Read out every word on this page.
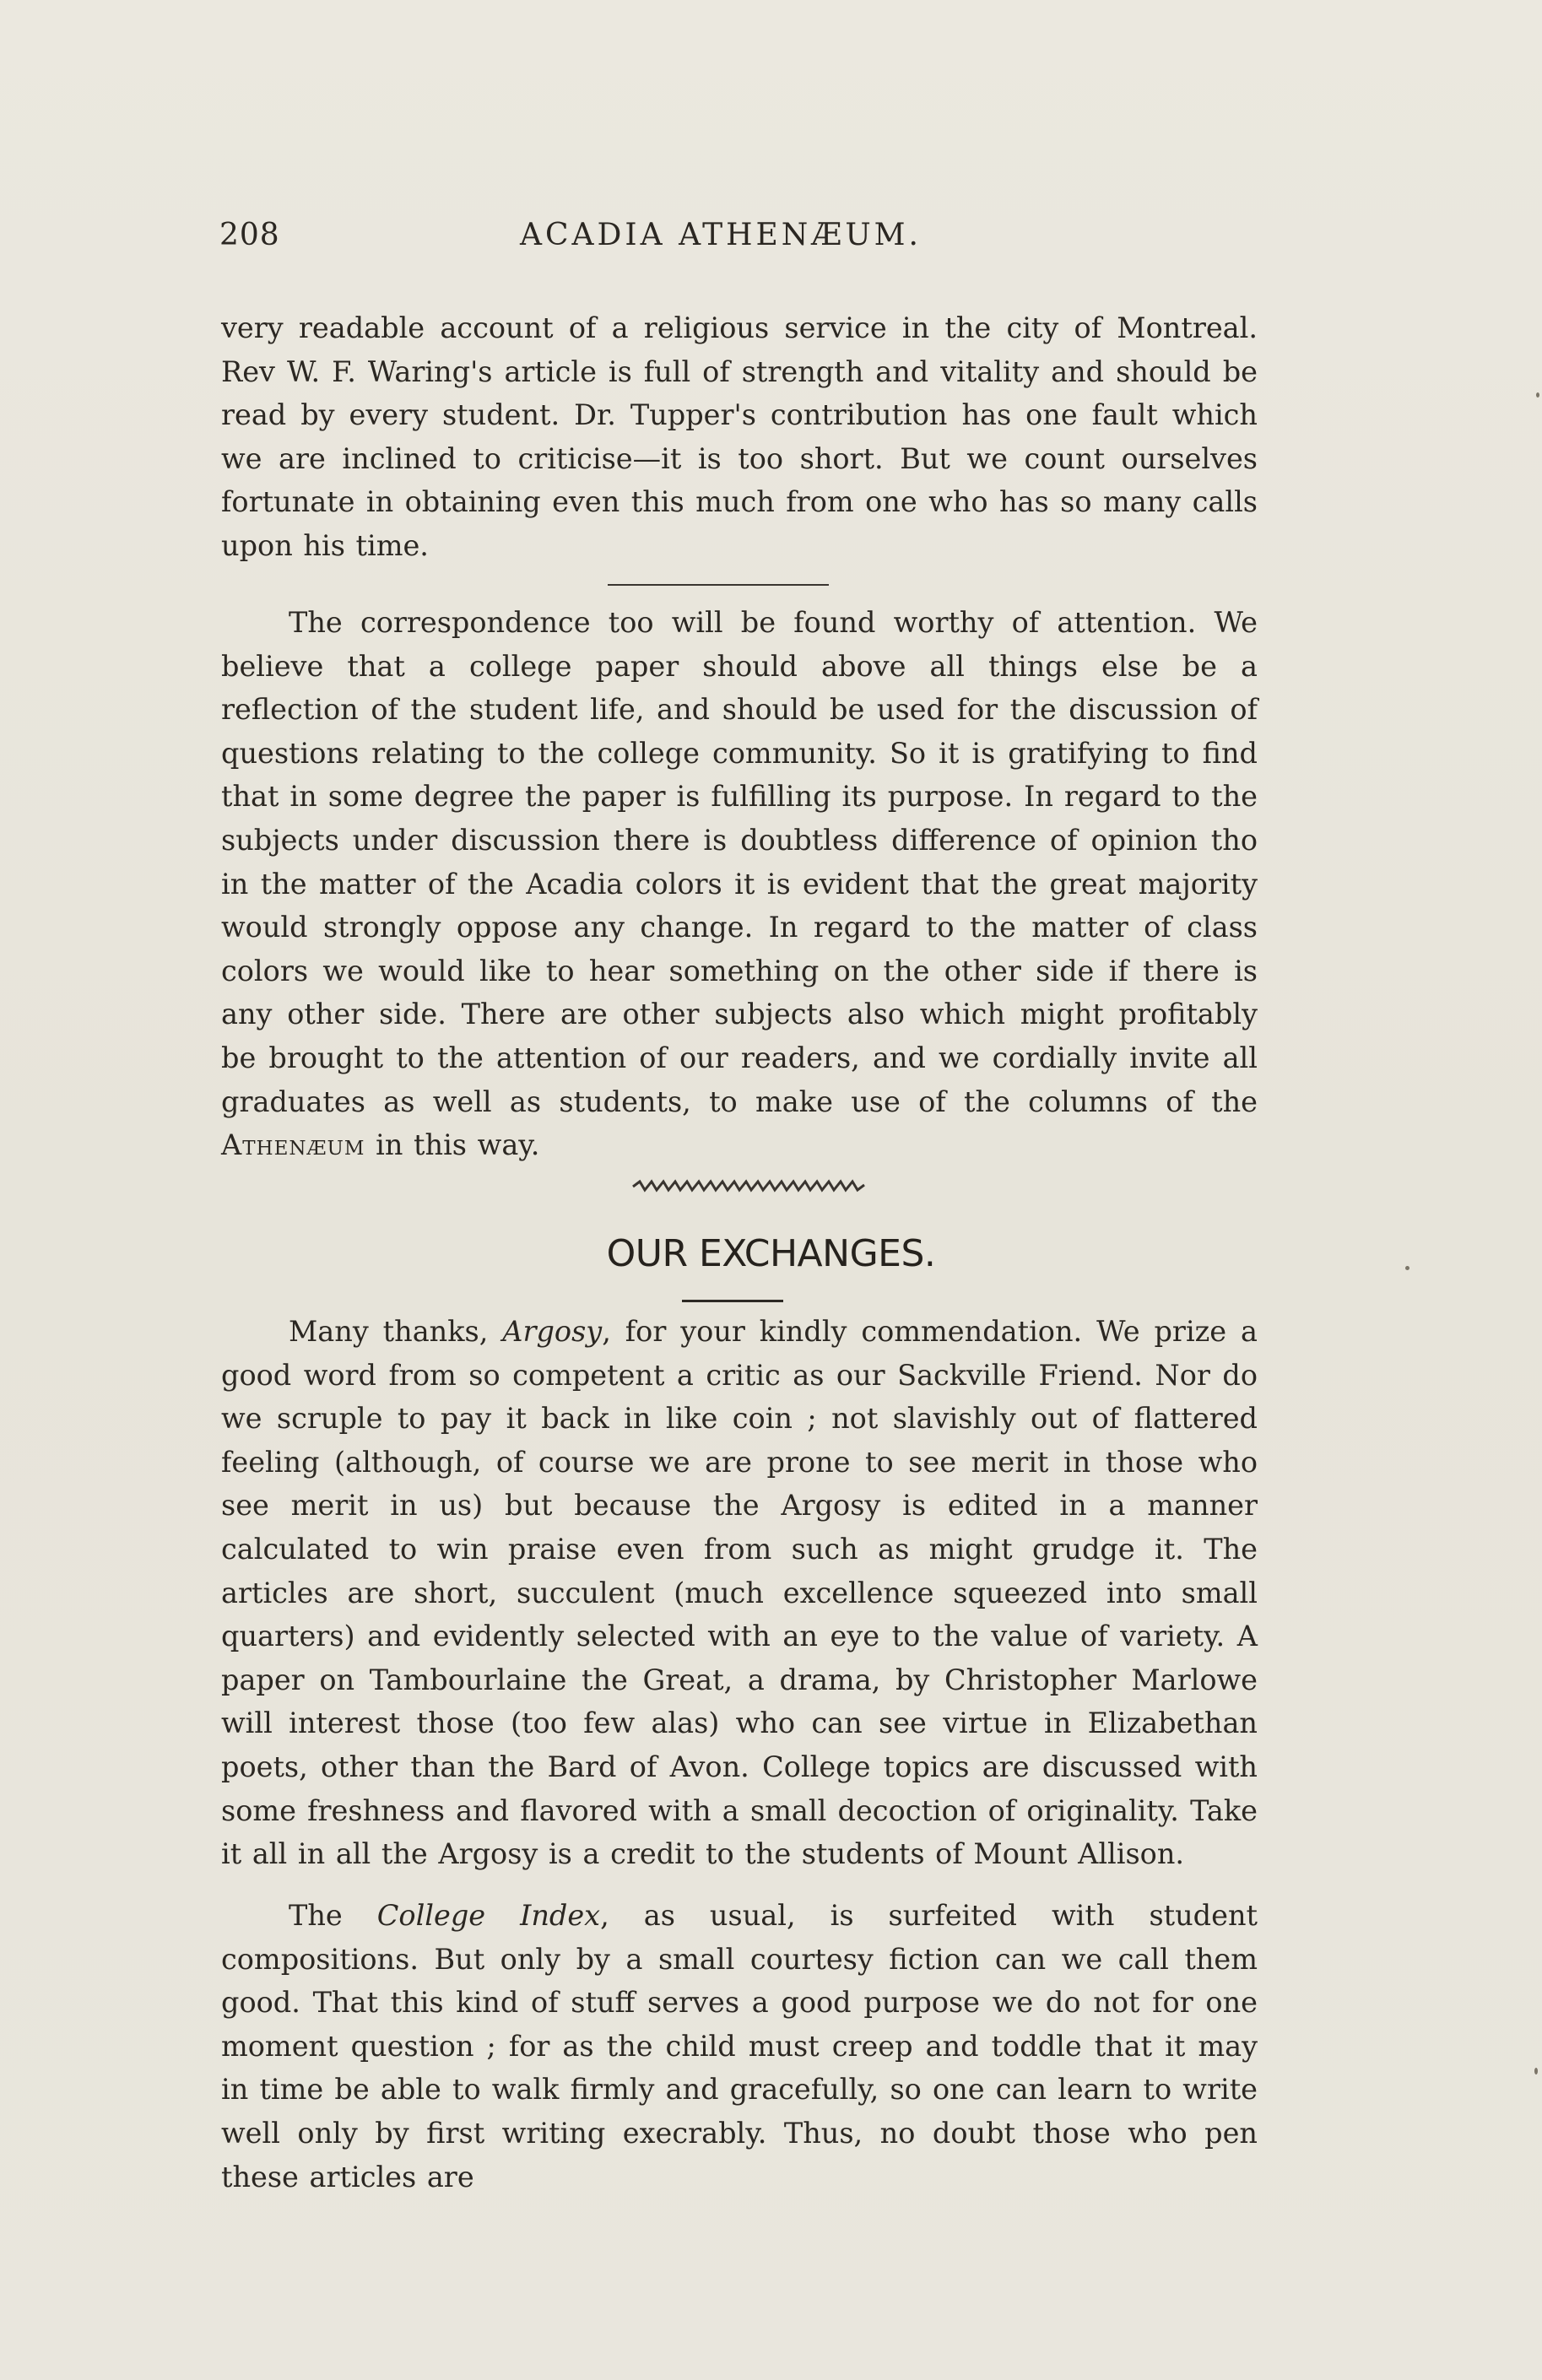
208	ACADIA ATHENÆUM.

very readable account of a religious service in the city of Montreal. Rev W. F. Waring's article is full of strength and vitality and should be read by every student. Dr. Tupper's contribution has one fault which we are inclined to criticise—it is too short. But we count ourselves fortunate in obtaining even this much from one who has so many calls upon his time.

The correspondence too will be found worthy of attention. We believe that a college paper should above all things else be a reflection of the student life, and should be used for the discussion of questions relating to the college community. So it is gratifying to find that in some degree the paper is fulfilling its purpose. In regard to the subjects under discussion there is doubtless difference of opinion tho in the matter of the Acadia colors it is evident that the great majority would strongly oppose any change. In regard to the matter of class colors we would like to hear something on the other side if there is any other side. There are other subjects also which might profitably be brought to the attention of our readers, and we cordially invite all graduates as well as students, to make use of the columns of the Athenæum in this way.

OUR EXCHANGES.

Many thanks, Argosy, for your kindly commendation. We prize a good word from so competent a critic as our Sackville Friend. Nor do we scruple to pay it back in like coin ; not slavishly out of flattered feeling (although, of course we are prone to see merit in those who see merit in us) but because the Argosy is edited in a manner calculated to win praise even from such as might grudge it. The articles are short, succulent (much excellence squeezed into small quarters) and evidently selected with an eye to the value of variety. A paper on Tambourlaine the Great, a drama, by Christopher Marlowe will interest those (too few alas) who can see virtue in Elizabethan poets, other than the Bard of Avon. College topics are discussed with some freshness and flavored with a small decoction of originality. Take it all in all the Argosy is a credit to the students of Mount Allison.

The College Index, as usual, is surfeited with student compositions. But only by a small courtesy fiction can we call them good. That this kind of stuff serves a good purpose we do not for one moment question ; for as the child must creep and toddle that it may in time be able to walk firmly and gracefully, so one can learn to write well only by first writing execrably. Thus, no doubt those who pen these articles are
